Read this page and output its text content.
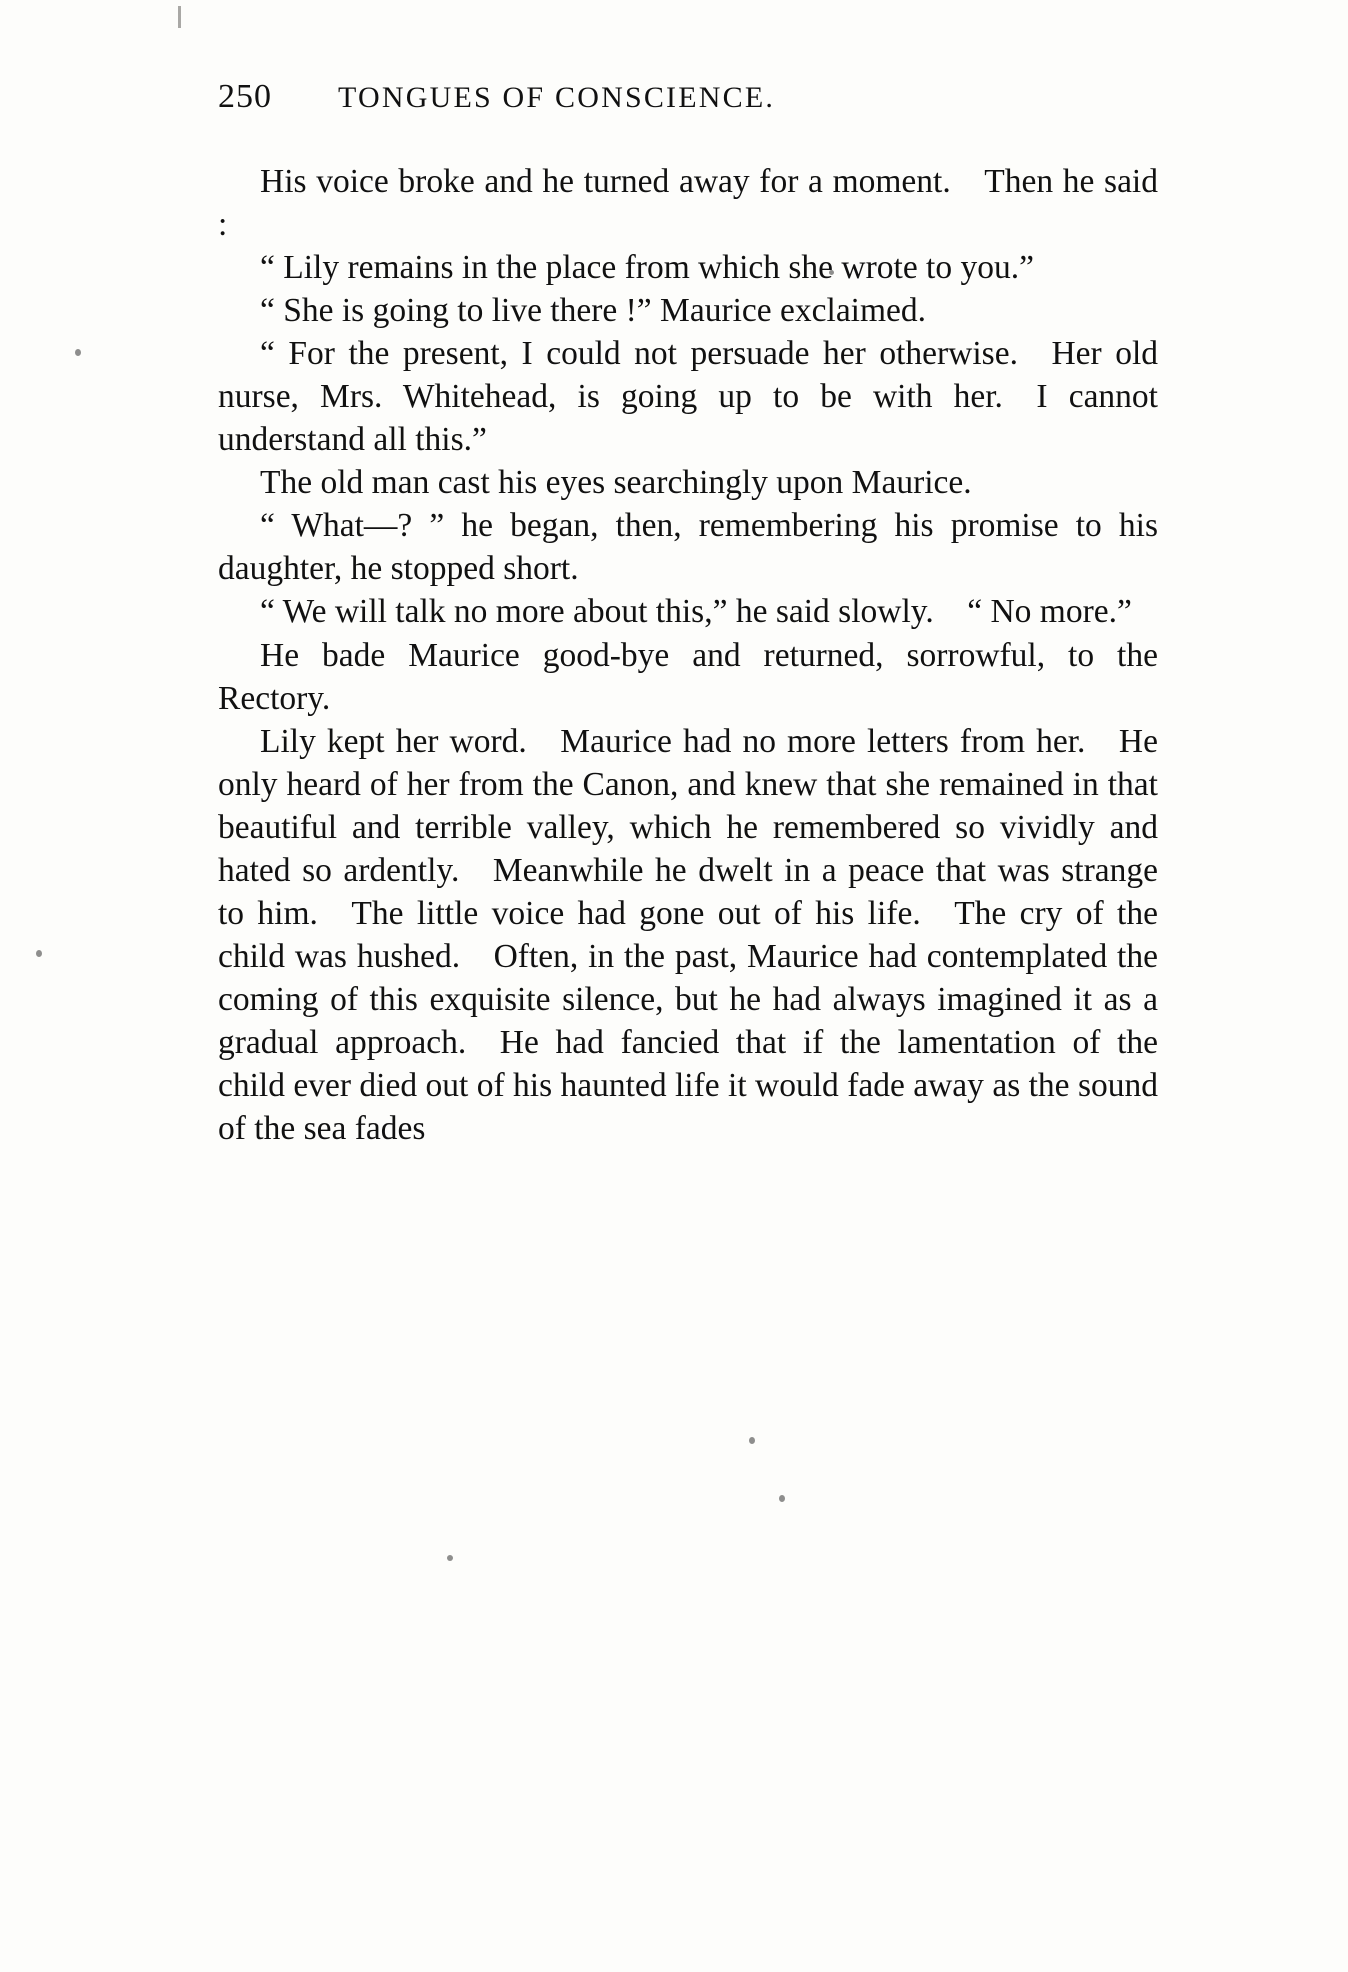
250	TONGUES OF CONSCIENCE.

His voice broke and he turned away for a moment. Then he said :

“ Lily remains in the place from which she wrote to you.”

“ She is going to live there !” Maurice exclaimed.

“ For the present, I could not persuade her otherwise. Her old nurse, Mrs. Whitehead, is going up to be with her. I cannot understand all this.”

The old man cast his eyes searchingly upon Maurice.

“ What—? ” he began, then, remembering his promise to his daughter, he stopped short.

“ We will talk no more about this,” he said slowly. “ No more.”

He bade Maurice good-bye and returned, sorrowful, to the Rectory.

Lily kept her word. Maurice had no more letters from her. He only heard of her from the Canon, and knew that she remained in that beautiful and terrible valley, which he remembered so vividly and hated so ardently. Meanwhile he dwelt in a peace that was strange to him. The little voice had gone out of his life. The cry of the child was hushed. Often, in the past, Maurice had contemplated the coming of this exquisite silence, but he had always imagined it as a gradual approach. He had fancied that if the lamentation of the child ever died out of his haunted life it would fade away as the sound of the sea fades
